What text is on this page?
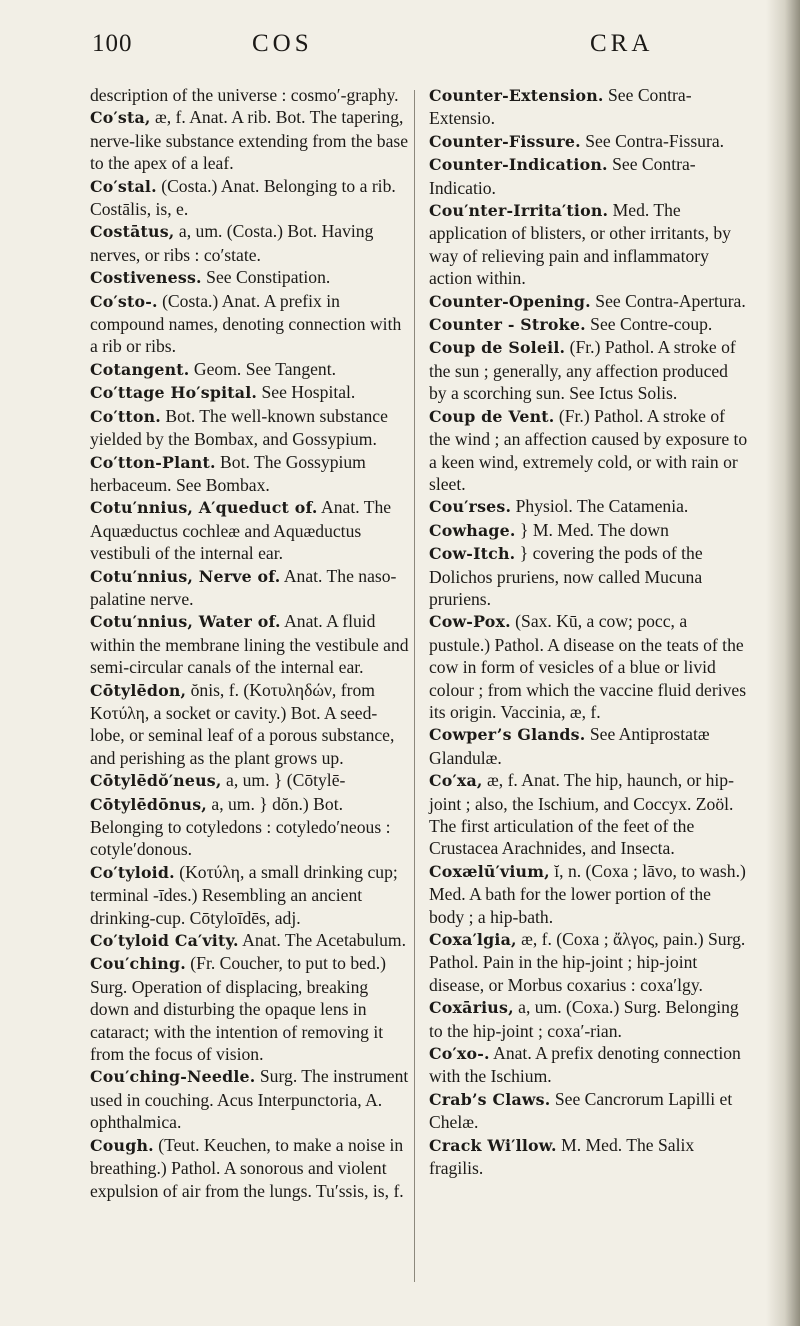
100	COS	CRA

description of the universe : cosmo′-graphy.

Co′sta, æ, f. Anat. A rib. Bot. The tapering, nerve-like substance extending from the base to the apex of a leaf.

Co′stal. (Costa.) Anat. Belonging to a rib. Costālis, is, e.

Costātus, a, um. (Costa.) Bot. Having nerves, or ribs : co′state.

Costiveness. See Constipation.

Co′sto-. (Costa.) Anat. A prefix in compound names, denoting connection with a rib or ribs.

Cotangent. Geom. See Tangent.

Co′ttage Ho′spital. See Hospital.

Co′tton. Bot. The well-known substance yielded by the Bombax, and Gossypium.

Co′tton-Plant. Bot. The Gossypium herbaceum. See Bombax.

Cotu′nnius, A′queduct of. Anat. The Aquæductus cochleæ and Aquæductus vestibuli of the internal ear.

Cotu′nnius, Nerve of. Anat. The naso-palatine nerve.

Cotu′nnius, Water of. Anat. A fluid within the membrane lining the vestibule and semi-circular canals of the internal ear.

Cōtylēdon, ŏnis, f. (Κοτυληδών, from Κοτύλη, a socket or cavity.) Bot. A seed-lobe, or seminal leaf of a porous substance, and perishing as the plant grows up.

Cōtylēdŏ′neus, a, um. } (Cōtylē-

Cōtylēdōnus, a, um. } dŏn.) Bot. Belonging to cotyledons : cotyledo′neous : cotyle′donous.

Co′tyloid. (Κοτύλη, a small drinking cup; terminal -īdes.) Resembling an ancient drinking-cup. Cōtyloīdēs, adj.

Co′tyloid Ca′vity. Anat. The Acetabulum.

Cou′ching. (Fr. Coucher, to put to bed.) Surg. Operation of displacing, breaking down and disturbing the opaque lens in cataract; with the intention of removing it from the focus of vision.

Cou′ching-Needle. Surg. The instrument used in couching. Acus Interpunctoria, A. ophthalmica.

Cough. (Teut. Keuchen, to make a noise in breathing.) Pathol. A sonorous and violent expulsion of air from the lungs. Tu′ssis, is, f.

Counter-Extension. See Contra-Extensio.

Counter-Fissure. See Contra-Fissura.

Counter-Indication. See Contra-Indicatio.

Cou′nter-Irrita′tion. Med. The application of blisters, or other irritants, by way of relieving pain and inflammatory action within.

Counter-Opening. See Contra-Apertura.

Counter - Stroke. See Contre-coup.

Coup de Soleil. (Fr.) Pathol. A stroke of the sun ; generally, any affection produced by a scorching sun. See Ictus Solis.

Coup de Vent. (Fr.) Pathol. A stroke of the wind ; an affection caused by exposure to a keen wind, extremely cold, or with rain or sleet.

Cou′rses. Physiol. The Catamenia.

Cowhage. } M. Med. The down

Cow-Itch. } covering the pods of the Dolichos pruriens, now called Mucuna pruriens.

Cow-Pox. (Sax. Kū, a cow; pocc, a pustule.) Pathol. A disease on the teats of the cow in form of vesicles of a blue or livid colour ; from which the vaccine fluid derives its origin. Vaccinia, æ, f.

Cowper’s Glands. See Antiprostatæ Glandulæ.

Co′xa, æ, f. Anat. The hip, haunch, or hip-joint ; also, the Ischium, and Coccyx. Zoöl. The first articulation of the feet of the Crustacea Arachnides, and Insecta.

Coxælū′vium, ĭ, n. (Coxa ; lāvo, to wash.) Med. A bath for the lower portion of the body ; a hip-bath.

Coxa′lgia, æ, f. (Coxa ; ἄλγος, pain.) Surg. Pathol. Pain in the hip-joint ; hip-joint disease, or Morbus coxarius : coxa′lgy.

Coxārius, a, um. (Coxa.) Surg. Belonging to the hip-joint ; coxa′-rian.

Co′xo-. Anat. A prefix denoting connection with the Ischium.

Crab’s Claws. See Cancrorum Lapilli et Chelæ.

Crack Wi′llow. M. Med. The Salix fragilis.
